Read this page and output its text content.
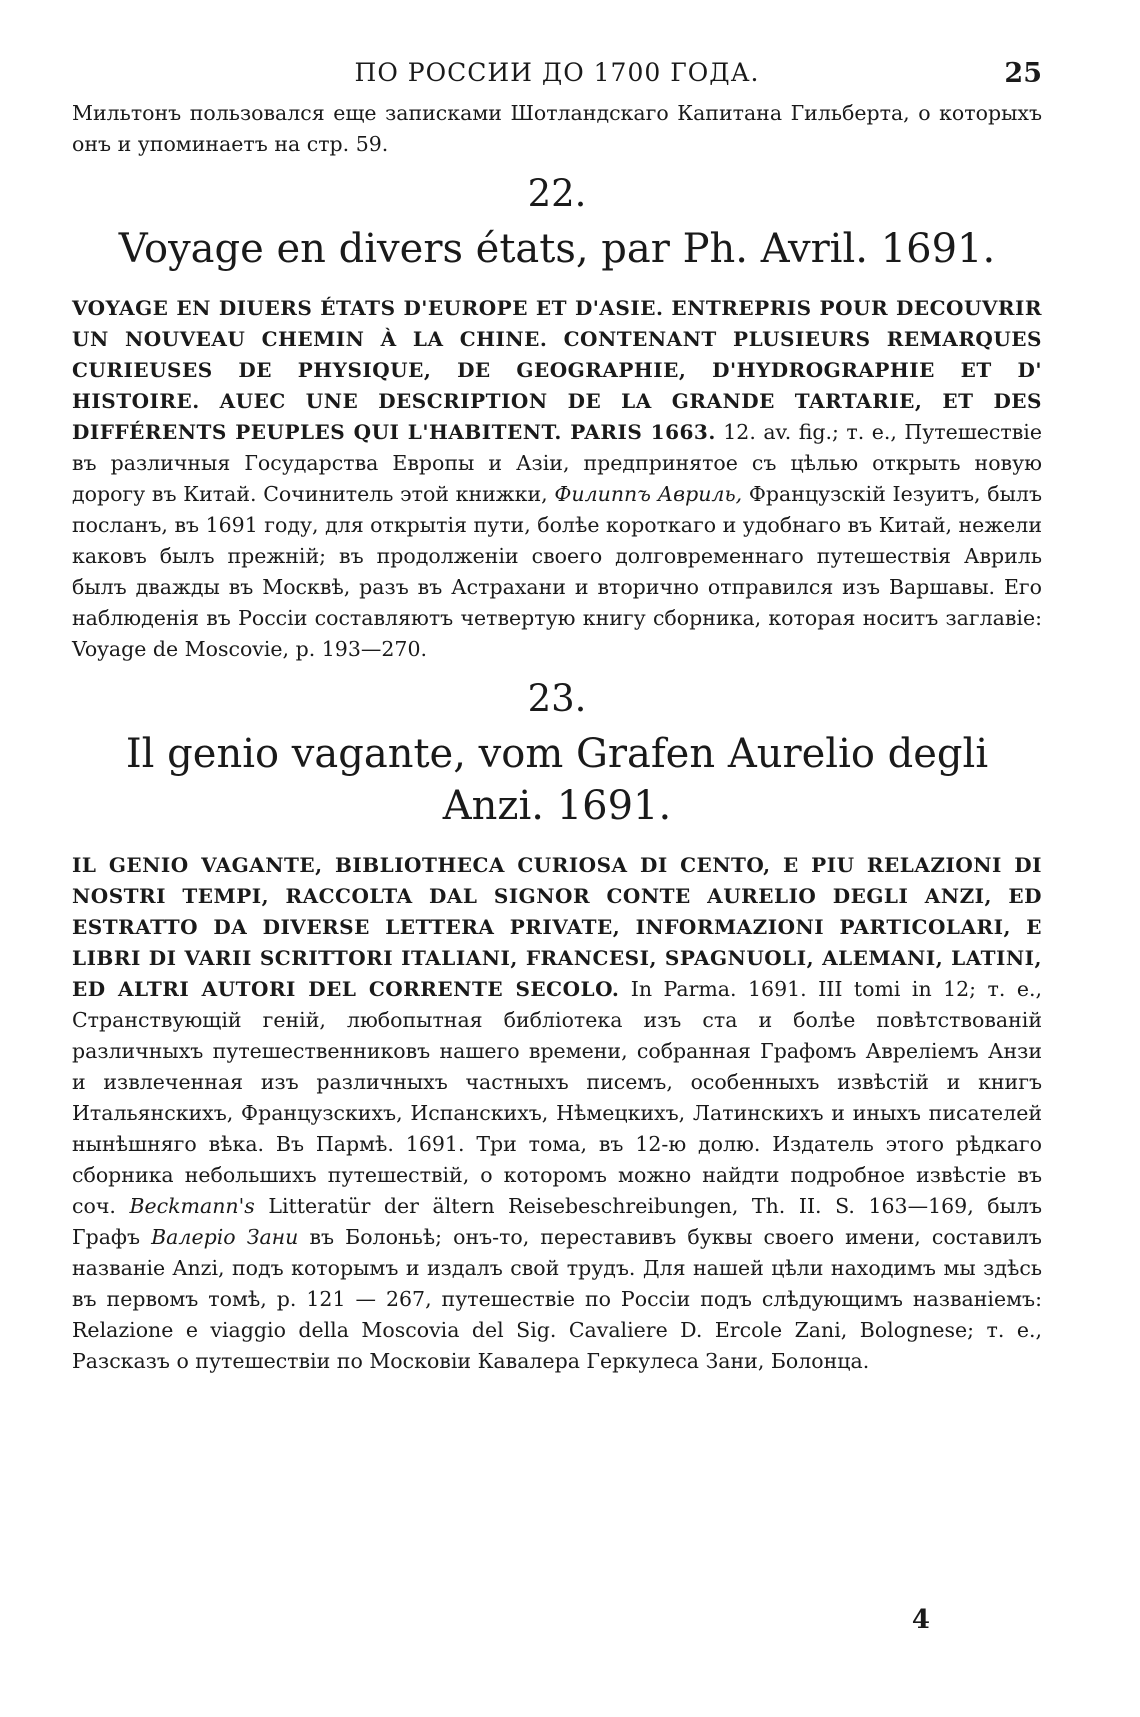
ПО РОССИИ ДО 1700 ГОДА.	25

Мильтонъ пользовался еще записками Шотландскаго Капитана Гильберта, о которыхъ онъ и упоминаетъ на стр. 59.

22.
Voyage en divers états, par Ph. Avril. 1691.

VOYAGE EN DIUERS ÉTATS D'EUROPE ET D'ASIE. ENTREPRIS POUR DECOUVRIR UN NOUVEAU CHEMIN À LA CHINE. CONTENANT PLUSIEURS REMARQUES CURIEUSES DE PHYSIQUE, DE GEOGRAPHIE, D'HYDROGRAPHIE ET D' HISTOIRE. AUEC UNE DESCRIPTION DE LA GRANDE TARTARIE, ET DES DIFFÉRENTS PEUPLES QUI L'HABITENT. PARIS 1663. 12. av. fig.; т. е., Путешествіе въ различныя Государства Европы и Азіи, предпринятое съ цѣлью открыть новую дорогу въ Китай. Сочинитель этой книжки, Филиппъ Авриль, Французскій Іезуитъ, былъ посланъ, въ 1691 году, для открытія пути, болѣе короткаго и удобнаго въ Китай, нежели каковъ былъ прежній; въ продолженіи своего долговременнаго путешествія Авриль былъ дважды въ Москвѣ, разъ въ Астрахани и вторично отправился изъ Варшавы. Его наблюденія въ Россіи составляютъ четвертую книгу сборника, которая носитъ заглавіе: Voyage de Moscovie, p. 193—270.

23.
Il genio vagante, vom Grafen Aurelio degli
Anzi. 1691.

IL GENIO VAGANTE, BIBLIOTHECA CURIOSA DI CENTO, E PIU RELAZIONI DI NOSTRI TEMPI, RACCOLTA DAL SIGNOR CONTE AURELIO DEGLI ANZI, ED ESTRATTO DA DIVERSE LETTERA PRIVATE, INFORMAZIONI PARTICOLARI, E LIBRI DI VARII SCRITTORI ITALIANI, FRANCESI, SPAGNUOLI, ALEMANI, LATINI, ED ALTRI AUTORI DEL CORRENTE SECOLO. In Parma. 1691. III tomi in 12; т. е., Странствующій геній, любопытная библіотека изъ ста и болѣе повѣтствованій различныхъ путешественниковъ нашего времени, собранная Графомъ Авреліемъ Анзи и извлеченная изъ различныхъ частныхъ писемъ, особенныхъ извѣстій и книгъ Итальянскихъ, Французскихъ, Испанскихъ, Нѣмецкихъ, Латинскихъ и иныхъ писателей нынѣшняго вѣка. Въ Пармѣ. 1691. Три тома, въ 12-ю долю. Издатель этого рѣдкаго сборника небольшихъ путешествій, о которомъ можно найдти подробное извѣстіе въ соч. Beckmann's Litteratür der ältern Reisebeschreibungen, Th. II. S. 163—169, былъ Графъ Валеріо Зани въ Болоньѣ; онъ-то, переставивъ буквы своего имени, составилъ названіе Anzi, подъ которымъ и издалъ свой трудъ. Для нашей цѣли находимъ мы здѣсь въ первомъ томѣ, p. 121 — 267, путешествіе по Россіи подъ слѣдующимъ названіемъ: Relazione e viaggio della Moscovia del Sig. Cavaliere D. Ercole Zani, Bolognese; т. е., Разсказъ о путешествіи по Московіи Кавалера Геркулеса Зани, Болонца.

4
